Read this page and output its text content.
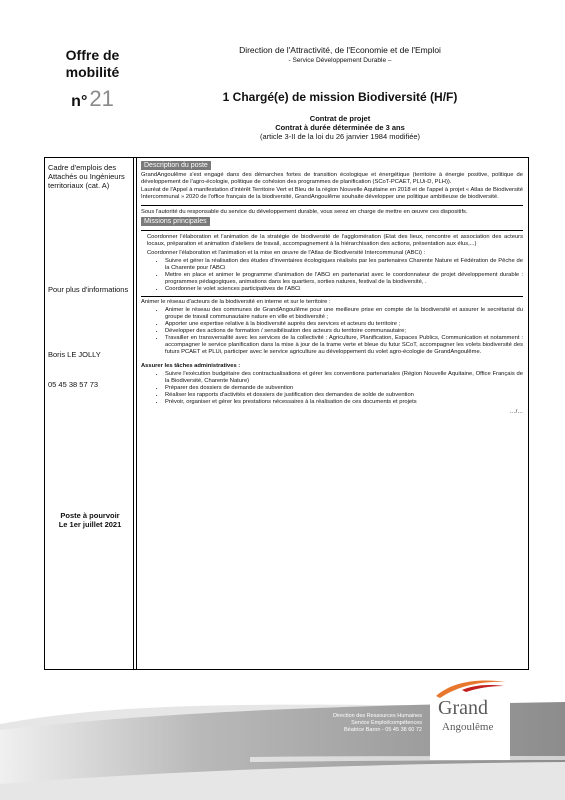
Offre de
mobilité
n°21
Direction de l'Attractivité, de l'Economie et de l'Emploi
- Service Développement Durable –
1 Chargé(e) de mission Biodiversité (H/F)
Contrat de projet
Contrat à durée déterminée de 3 ans
(article 3-II de la loi du 26 janvier 1984 modifiée)
Cadre d'emplois des Attachés ou Ingénieurs territoriaux (cat. A)
Pour plus d'informations
Boris LE JOLLY
05 45 38 57 73
Poste à pourvoir
Le 1er juillet 2021
Description du poste

GrandAngoulême s'est engagé dans des démarches fortes de transition écologique et énergétique (territoire à énergie positive, politique de développement de l'agro-écologie, politique de cohésion des programmes de planification (SCoT-PCAET, PLUi-D, PLH)).

Lauréat de l'Appel à manifestation d'intérêt Territoire Vert et Bleu de la région Nouvelle Aquitaine en 2018 et de l'appel à projet « Atlas de Biodiversité Intercommunal » 2020 de l'office français de la biodiversité, GrandAngoulême souhaite développer une politique ambitieuse de biodiversité.

Sous l'autorité du responsable du service du développement durable, vous serez en charge de mettre en œuvre ces dispositifs.

Missions principales

Coordonner l'élaboration et l'animation de la stratégie de biodiversité de l'agglomération (Etat des lieux, rencontre et association des acteurs locaux, préparation et animation d'ateliers de travail, accompagnement à la hiérarchisation des actions, présentation aux élus,...)

Coordonner l'élaboration et l'animation et la mise en œuvre de l'Atlas de Biodiversité Intercommunal (ABCi) :

• Suivre et gérer la réalisation des études d'inventaires écologiques réalisés par les partenaires Charente Nature et Fédération de Pêche de la Charente pour l'ABCi
• Mettre en place et animer le programme d'animation de l'ABCi en partenariat avec le coordonnateur de projet développement durable : programmes pédagogiques, animations dans les quartiers, sorties natures, festival de la biodiversité, .
• Coordonner le volet sciences participatives de l'ABCi

Animer le réseau d'acteurs de la biodiversité en interne et sur le territoire :

• Animer le réseau des communes de GrandAngoulême pour une meilleure prise en compte de la biodiversité et assurer le secrétariat du groupe de travail communautaire nature en ville et biodiversité ;
• Apporter une expertise relative à la biodiversité auprès des services et acteurs du territoire ;
• Développer des actions de formation / sensibilisation des acteurs du territoire communautaire;
• Travailler en transversalité avec les services de la collectivité : Agriculture, Planification, Espaces Publics, Communication et notamment : accompagner le service planification dans la mise à jour de la trame verte et bleue du futur SCoT, accompagner les volets biodiversité des futurs PCAET et PLUi, participer avec le service agriculture au développement du volet agro-écologie de GrandAngoulême.

Assurer les tâches administratives :

• Suivre l'exécution budgétaire des contractualisations et gérer les conventions partenariales (Région Nouvelle Aquitaine, Office Français de la Biodiversité, Charente Nature)
• Préparer des dossiers de demande de subvention
• Réaliser les rapports d'activités et dossiers de justification des demandes de solde de subvention
• Prévoir, organiser et gérer les prestations nécessaires à la réalisation de ces documents et projets
…/…
Direction des Ressources Humaines
Service Emploi/compétences
Béatrice Baron - 05 45 38 60 72
Grand
Angoulême
